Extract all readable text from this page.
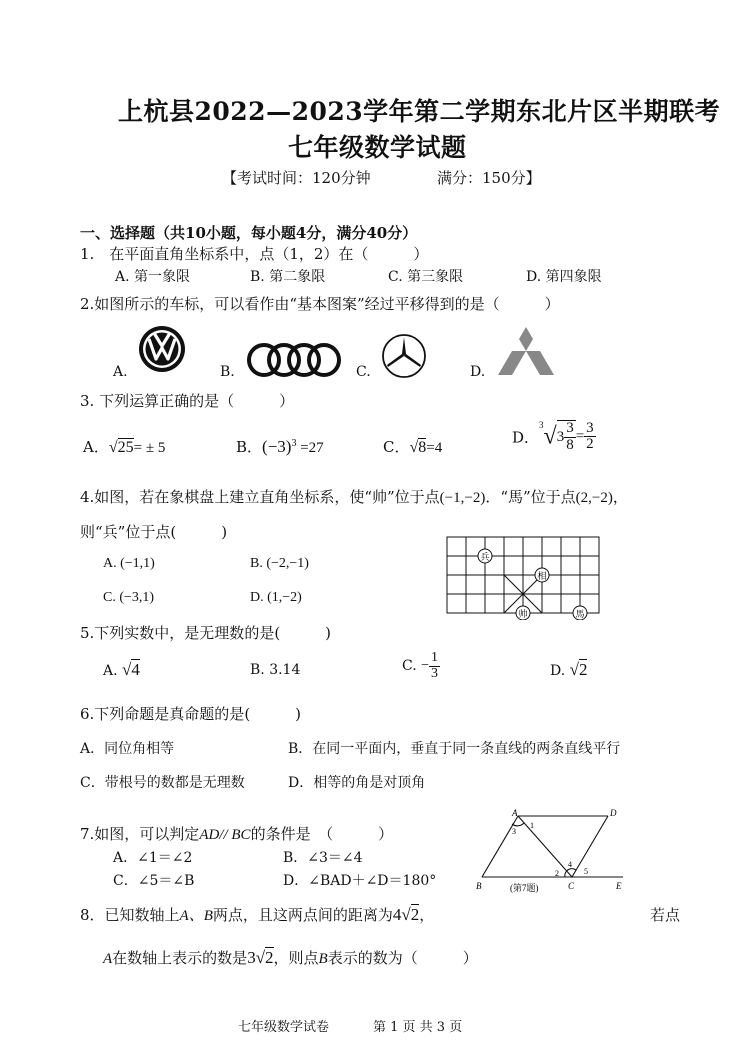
上杭县2022—2023学年第二学期东北片区半期联考
七年级数学试题
【考试时间：120分钟	满分：150分】
一、选择题（共10小题，每小题4分，满分40分）
1.　在平面直角坐标系中，点（1，2）在（　　　）
A. 第一象限	B. 第二象限	C. 第三象限	D. 第四象限
2.如图所示的车标，可以看作由“基本图案”经过平移得到的是（　　　）
A.	B.	C.	D.
3. 下列运算正确的是（　　　）
A．√25= ± 5	B．$(-3)^3 =27$	C．√8=4
D．$^3√3 \frac{3}{8} = \frac{3}{2}$
4.如图，若在象棋盘上建立直角坐标系，使“帅”位于点(−1,−2)．“馬”位于点(2,−2)，
则“兵”位于点(　　　)
A. (−1,1)	B. (−2,−1)
C. (−3,1)	D. (1,−2)
兵
相
帅	馬
5.下列实数中，是无理数的是(　　　)
A. √4	B. 3.14	C. − $\frac{1}{3}$	D. √2
6.下列命题是真命题的是(　　　)
A．同位角相等	B．在同一平面内，垂直于同一条直线的两条直线平行
C．带根号的数都是无理数	D．相等的角是对顶角
7.如图，可以判定AD// BC的条件是　（　　　）
A．∠1＝∠2	B．∠3＝∠4
C．∠5＝∠B	D．∠BAD＋∠D＝180°
A	D
B	C	E
1
3
2
4
5
(第7题)
8．已知数轴上A、B两点，且这两点间的距离为4√2，	若点
A在数轴上表示的数是3√2，则点B表示的数为（　　　）
七年级数学试卷	第 1 页 共 3 页
